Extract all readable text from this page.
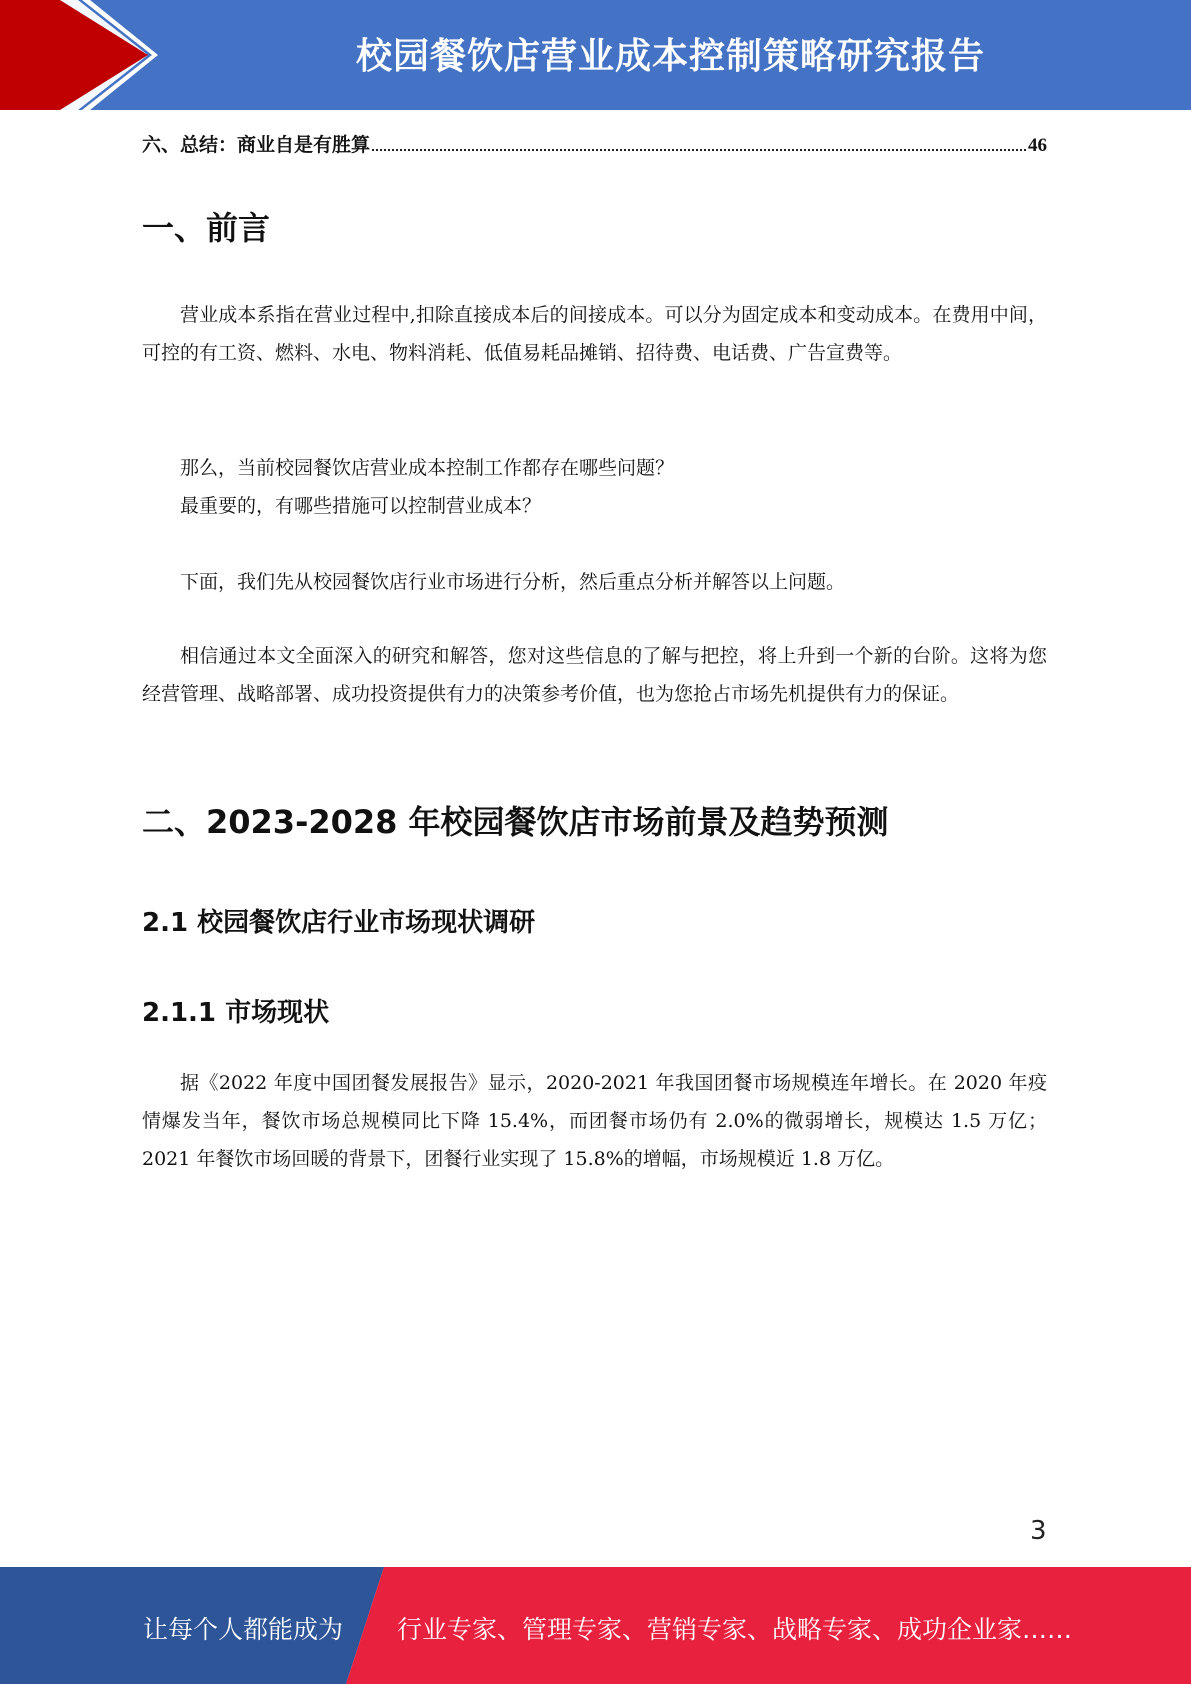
校园餐饮店营业成本控制策略研究报告
六、总结：商业自是有胜算	46
一、前言

营业成本系指在营业过程中,扣除直接成本后的间接成本。可以分为固定成本和变动成本。在费用中间，可控的有工资、燃料、水电、物料消耗、低值易耗品摊销、招待费、电话费、广告宣费等。

那么，当前校园餐饮店营业成本控制工作都存在哪些问题？

最重要的，有哪些措施可以控制营业成本？

下面，我们先从校园餐饮店行业市场进行分析，然后重点分析并解答以上问题。

相信通过本文全面深入的研究和解答，您对这些信息的了解与把控，将上升到一个新的台阶。这将为您经营管理、战略部署、成功投资提供有力的决策参考价值，也为您抢占市场先机提供有力的保证。

二、2023-2028 年校园餐饮店市场前景及趋势预测
2.1 校园餐饮店行业市场现状调研
2.1.1 市场现状

据《2022 年度中国团餐发展报告》显示，2020-2021 年我国团餐市场规模连年增长。在 2020 年疫情爆发当年，餐饮市场总规模同比下降 15.4%，而团餐市场仍有 2.0%的微弱增长，规模达 1.5 万亿；2021 年餐饮市场回暖的背景下，团餐行业实现了 15.8%的增幅，市场规模近 1.8 万亿。

3
让每个人都能成为 行业专家、管理专家、营销专家、战略专家、成功企业家……
